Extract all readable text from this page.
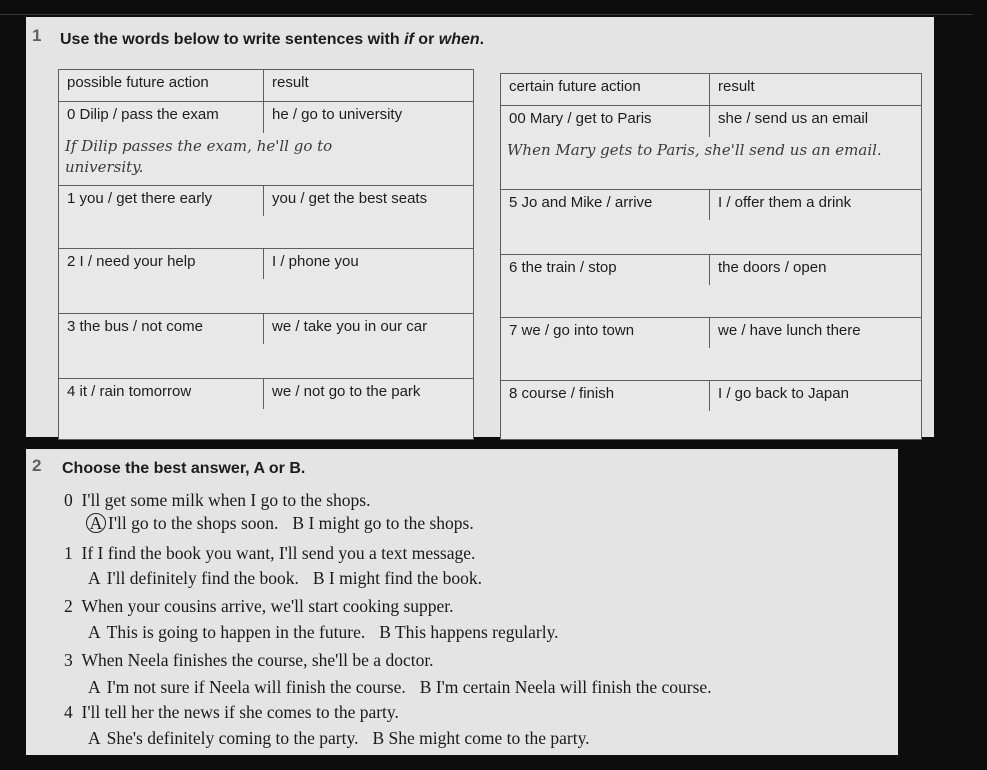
1 Use the words below to write sentences with if or when.
possible future action	result
0 Dilip / pass the exam	he / go to university

If Dilip passes the exam, he'll go to university.	

1 you / get there early	you / get the best seats

2 I / need your help	I / phone you

3 the bus / not come	we / take you in our car

4 it / rain tomorrow	we / not go to the park

certain future action	result
00 Mary / get to Paris	she / send us an email

When Mary gets to Paris, she'll send us an email.	

5 Jo and Mike / arrive	I / offer them a drink

6 the train / stop	the doors / open

7 we / go into town	we / have lunch there

8 course / finish	I / go back to Japan

2 Choose the best answer, A or B.
0 I'll get some milk when I go to the shops.
A I'll go to the shops soon. B I might go to the shops.
1 If I find the book you want, I'll send you a text message.
A I'll definitely find the book. B I might find the book.
2 When your cousins arrive, we'll start cooking supper.
A This is going to happen in the future. B This happens regularly.
3 When Neela finishes the course, she'll be a doctor.
A I'm not sure if Neela will finish the course. B I'm certain Neela will finish the course.
4 I'll tell her the news if she comes to the party.
A She's definitely coming to the party. B She might come to the party.
